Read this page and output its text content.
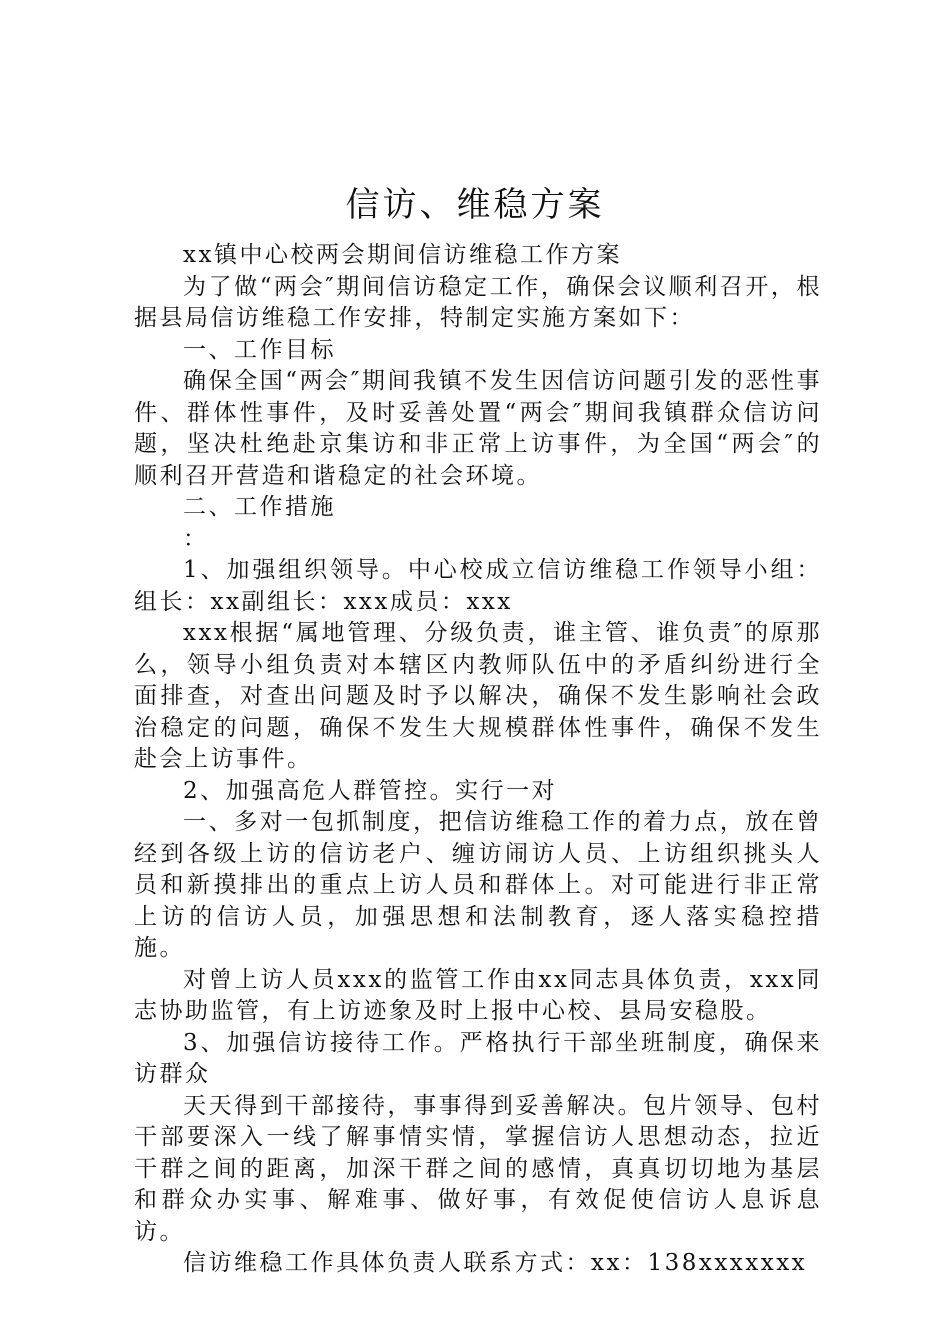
信访、维稳方案

xx镇中心校两会期间信访维稳工作方案

为了做“两会″期间信访稳定工作，确保会议顺利召开，根据县局信访维稳工作安排，特制定实施方案如下：

一、工作目标

确保全国“两会″期间我镇不发生因信访问题引发的恶性事件、群体性事件，及时妥善处置“两会″期间我镇群众信访问题，坚决杜绝赴京集访和非正常上访事件，为全国“两会″的顺利召开营造和谐稳定的社会环境。

二、工作措施

：

1、加强组织领导。中心校成立信访维稳工作领导小组：组长：xx副组长：xxx成员：xxx

xxx根据“属地管理、分级负责，谁主管、谁负责″的原那么，领导小组负责对本辖区内教师队伍中的矛盾纠纷进行全面排查，对查出问题及时予以解决，确保不发生影响社会政治稳定的问题，确保不发生大规模群体性事件，确保不发生赴会上访事件。

2、加强高危人群管控。实行一对

一、多对一包抓制度，把信访维稳工作的着力点，放在曾经到各级上访的信访老户、缠访闹访人员、上访组织挑头人员和新摸排出的重点上访人员和群体上。对可能进行非正常上访的信访人员，加强思想和法制教育，逐人落实稳控措施。

对曾上访人员xxx的监管工作由xx同志具体负责，xxx同志协助监管，有上访迹象及时上报中心校、县局安稳股。

3、加强信访接待工作。严格执行干部坐班制度，确保来访群众

天天得到干部接待，事事得到妥善解决。包片领导、包村干部要深入一线了解事情实情，掌握信访人思想动态，拉近干群之间的距离，加深干群之间的感情，真真切切地为基层和群众办实事、解难事、做好事，有效促使信访人息诉息访。

信访维稳工作具体负责人联系方式：xx：138xxxxxxx
